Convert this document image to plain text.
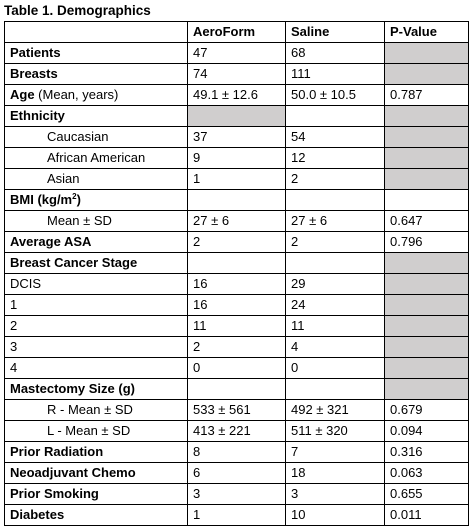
Table 1. Demographics
	AeroForm	Saline	P-Value
Patients	47	68	
Breasts	74	111	
Age (Mean, years)	49.1 ± 12.6	50.0 ± 10.5	0.787
Ethnicity			
Caucasian	37	54	
African American	9	12	
Asian	1	2	
BMI $(kg/m^2)$			
Mean ± SD	27 ± 6	27 ± 6	0.647
Average ASA	2	2	0.796
Breast Cancer Stage			
DCIS	16	29	
1	16	24	
2	11	11	
3	2	4	
4	0	0	
Mastectomy Size (g)			
R - Mean ± SD	533 ± 561	492 ± 321	0.679
L - Mean ± SD	413 ± 221	511 ± 320	0.094
Prior Radiation	8	7	0.316
Neoadjuvant Chemo	6	18	0.063
Prior Smoking	3	3	0.655
Diabetes	1	10	0.011
